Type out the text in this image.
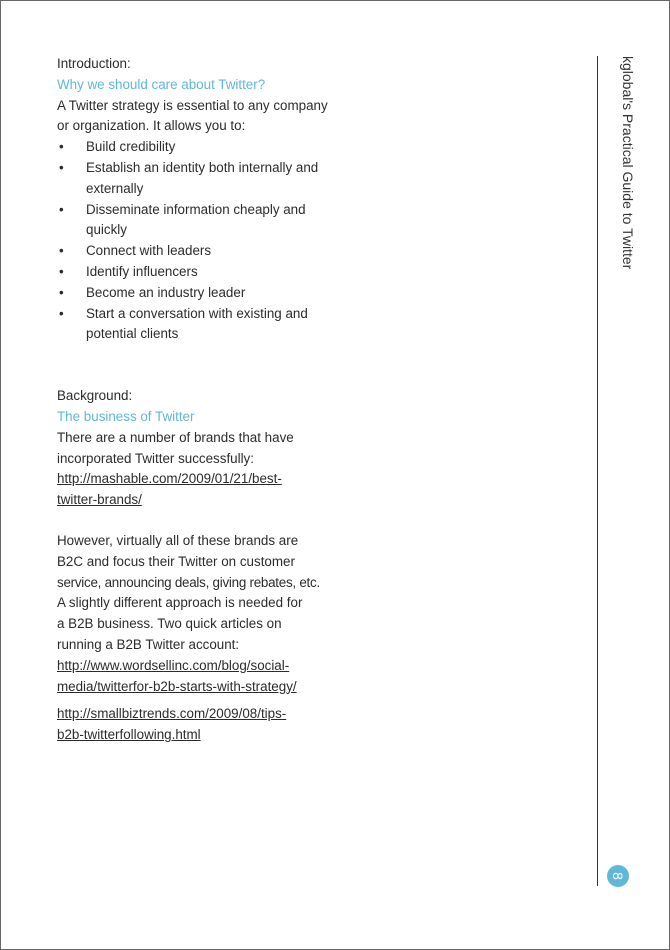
Introduction:

Why we should care about Twitter?

A Twitter strategy is essential to any company
or organization. It allows you to:

• Build credibility
• Establish an identity both internally and
externally
• Disseminate information cheaply and
quickly
• Connect with leaders
• Identify influencers
• Become an industry leader
• Start a conversation with existing and
potential clients

Background:

The business of Twitter

There are a number of brands that have
incorporated Twitter successfully:

http://mashable.com/2009/01/21/best-
twitter-brands/

However, virtually all of these brands are
B2C and focus their Twitter on customer
service, announcing deals, giving rebates, etc.
A slightly different approach is needed for
a B2B business. Two quick articles on
running a B2B Twitter account:

http://www.wordsellinc.com/blog/social-
media/twitterfor-b2b-starts-with-strategy/
http://smallbiztrends.com/2009/08/tips-
b2b-twitterfollowing.html
kglobal's Practical Guide to Twitter
8
